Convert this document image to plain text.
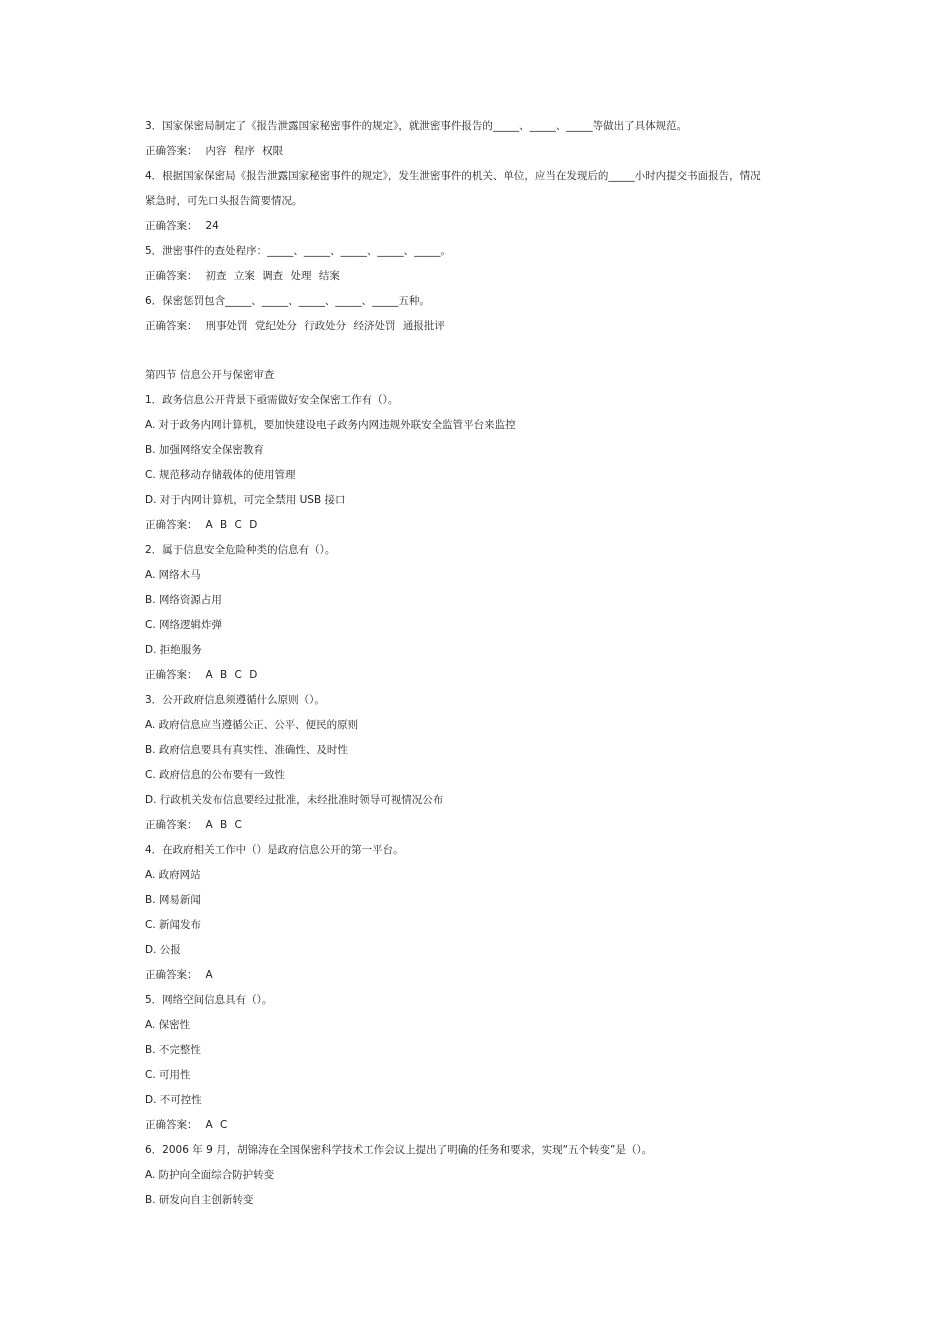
3．国家保密局制定了《报告泄露国家秘密事件的规定》，就泄密事件报告的_____、_____、_____等做出了具体规范。
正确答案： 内容 程序 权限
4．根据国家保密局《报告泄露国家秘密事件的规定》，发生泄密事件的机关、单位，应当在发现后的_____小时内提交书面报告，情况
紧急时，可先口头报告简要情况。
正确答案： 24
5．泄密事件的查处程序：_____、_____、_____、_____、_____。
正确答案： 初查 立案 调查 处理 结案
6．保密惩罚包含_____、_____、_____、_____、_____五种。
正确答案： 刑事处罚 党纪处分 行政处分 经济处罚 通报批评
第四节 信息公开与保密审查
1．政务信息公开背景下亟需做好安全保密工作有（）。
A. 对于政务内网计算机，要加快建设电子政务内网违规外联安全监管平台来监控
B. 加强网络安全保密教育
C. 规范移动存储载体的使用管理
D. 对于内网计算机，可完全禁用 USB 接口
正确答案： A B C D
2．属于信息安全危险种类的信息有（）。
A. 网络木马
B. 网络资源占用
C. 网络逻辑炸弹
D. 拒绝服务
正确答案： A B C D
3．公开政府信息须遵循什么原则（）。
A. 政府信息应当遵循公正、公平、便民的原则
B. 政府信息要具有真实性、准确性、及时性
C. 政府信息的公布要有一致性
D. 行政机关发布信息要经过批准，未经批准时领导可视情况公布
正确答案： A B C
4．在政府相关工作中（）是政府信息公开的第一平台。
A. 政府网站
B. 网易新闻
C. 新闻发布
D. 公报
正确答案： A
5．网络空间信息具有（）。
A. 保密性
B. 不完整性
C. 可用性
D. 不可控性
正确答案： A C
6．2006 年 9 月，胡锦涛在全国保密科学技术工作会议上提出了明确的任务和要求，实现“五个转变”是（）。
A. 防护向全面综合防护转变
B. 研发向自主创新转变
